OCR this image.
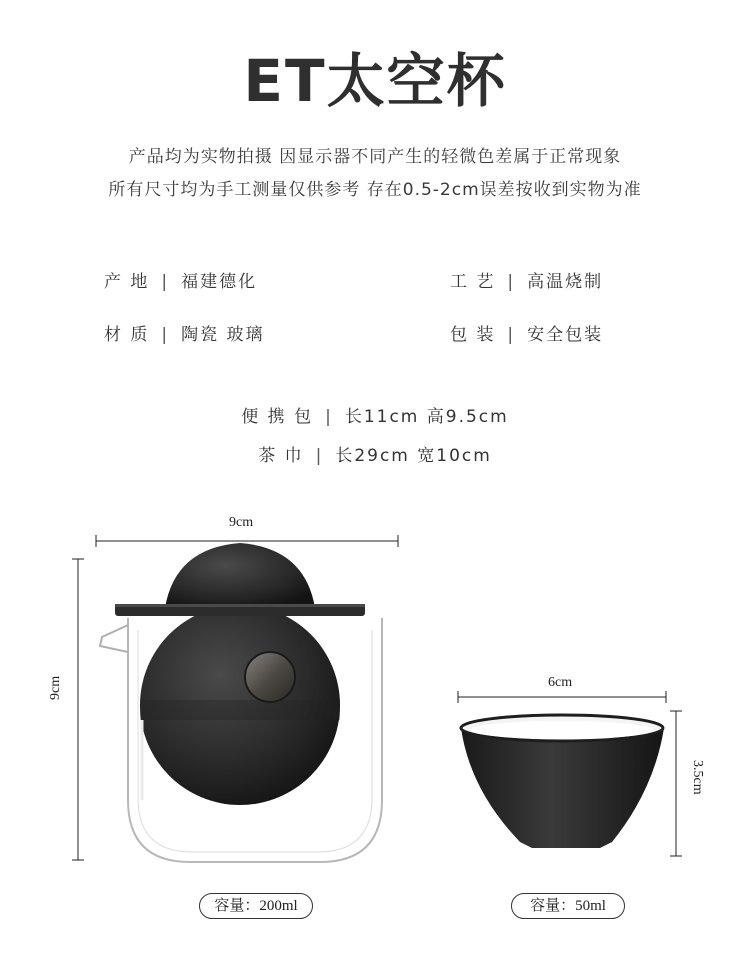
ET太空杯
产品均为实物拍摄 因显示器不同产生的轻微色差属于正常现象
所有尺寸均为手工测量仅供参考 存在0.5-2cm误差按收到实物为准
产 地 | 福建德化	工 艺 | 高温烧制
材 质 | 陶瓷 玻璃	包 装 | 安全包装
便 携 包 | 长11cm 高9.5cm
茶 巾 | 长29cm 宽10cm
9cm
9cm	6cm
3.5cm
容量：200ml	容量：50ml
